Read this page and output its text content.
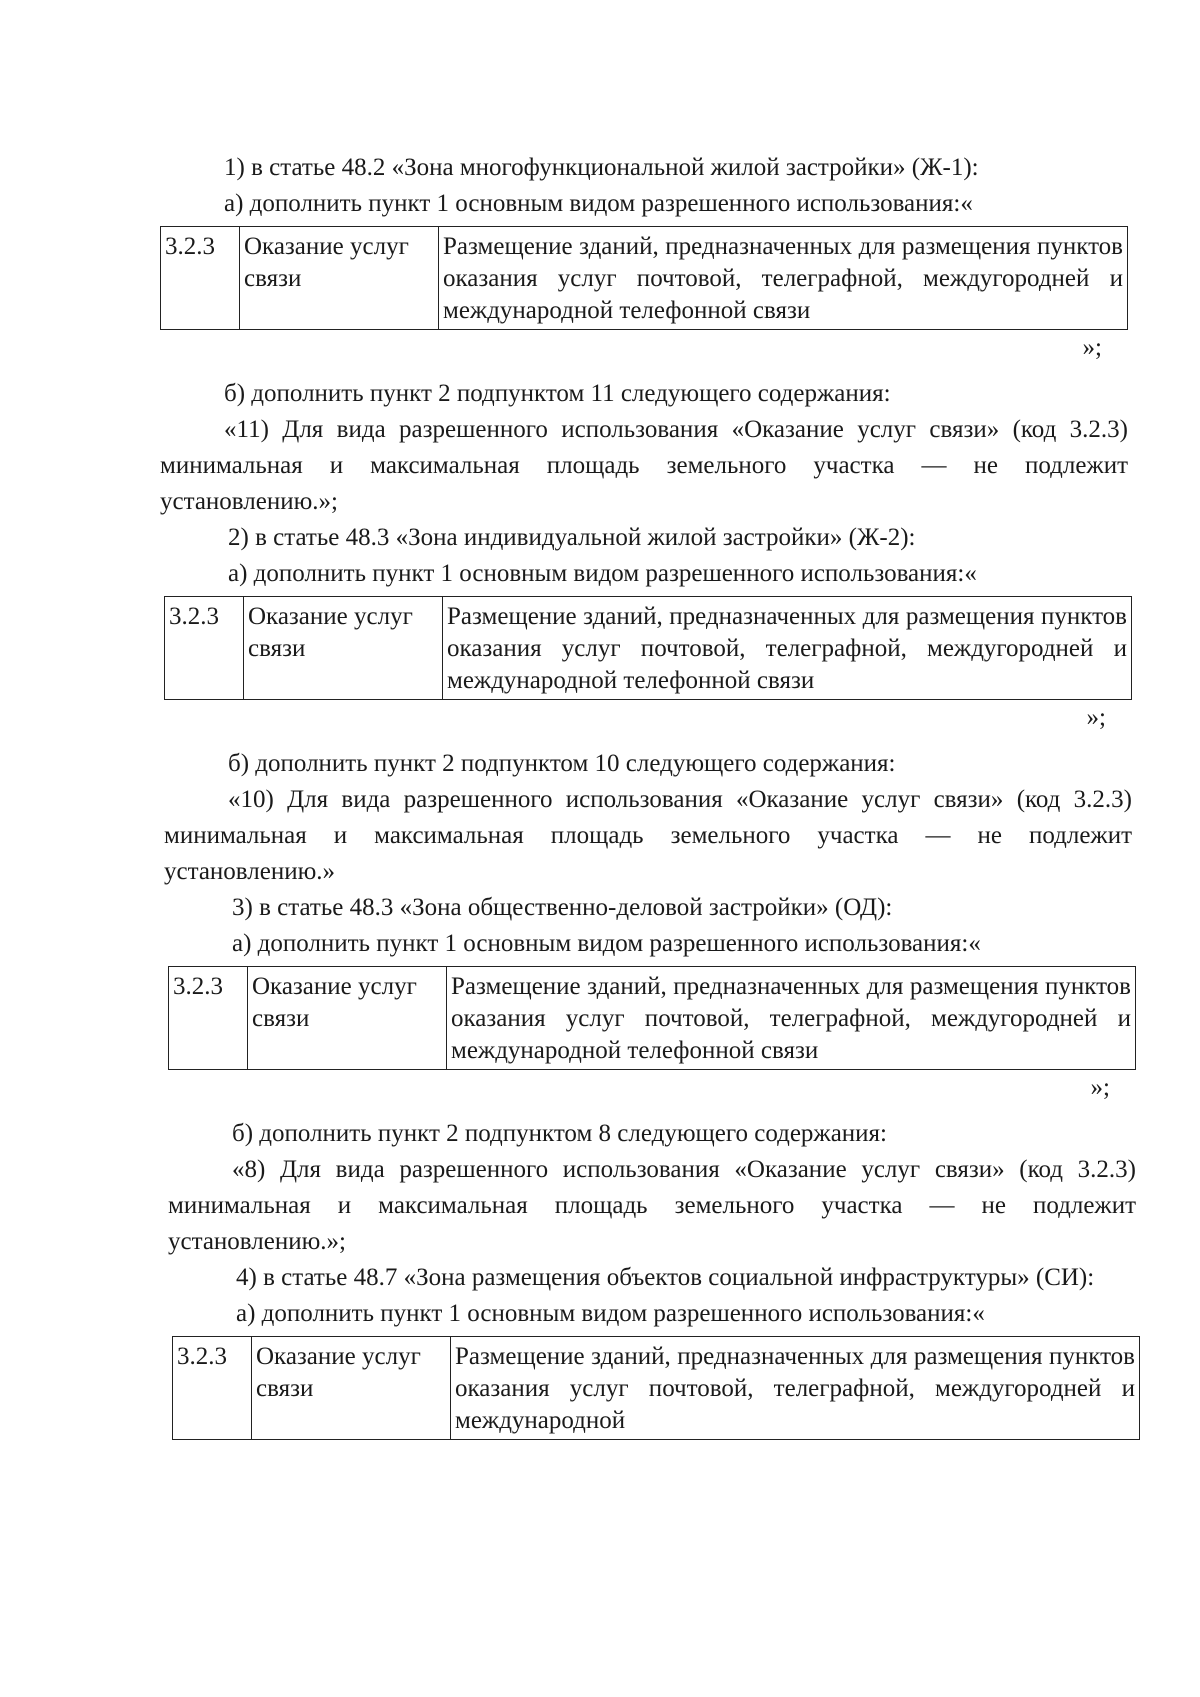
1) в статье 48.2 «Зона многофункциональной жилой застройки» (Ж-1):

а) дополнить пункт 1 основным видом разрешенного использования:«

3.2.3	Оказание услуг связи	Размещение зданий, предназначенных для размещения пунктов оказания услуг почтовой, телеграфной, междугородней и международной телефонной связи

»;

б) дополнить пункт 2 подпунктом 11 следующего содержания:

«11) Для вида разрешенного использования «Оказание услуг связи» (код 3.2.3) минимальная и максимальная площадь земельного участка — не подлежит установлению.»;

2) в статье 48.3 «Зона индивидуальной жилой застройки» (Ж-2):

а) дополнить пункт 1 основным видом разрешенного использования:«

3.2.3	Оказание услуг связи	Размещение зданий, предназначенных для размещения пунктов оказания услуг почтовой, телеграфной, междугородней и международной телефонной связи

»;

б) дополнить пункт 2 подпунктом 10 следующего содержания:

«10) Для вида разрешенного использования «Оказание услуг связи» (код 3.2.3) минимальная и максимальная площадь земельного участка — не подлежит установлению.»

3) в статье 48.3 «Зона общественно-деловой застройки» (ОД):

а) дополнить пункт 1 основным видом разрешенного использования:«

3.2.3	Оказание услуг связи	Размещение зданий, предназначенных для размещения пунктов оказания услуг почтовой, телеграфной, междугородней и международной телефонной связи

»;

б) дополнить пункт 2 подпунктом 8 следующего содержания:

«8) Для вида разрешенного использования «Оказание услуг связи» (код 3.2.3) минимальная и максимальная площадь земельного участка — не подлежит установлению.»;

4) в статье 48.7 «Зона размещения объектов социальной инфраструктуры» (СИ):

а) дополнить пункт 1 основным видом разрешенного использования:«

3.2.3	Оказание услуг связи	Размещение зданий, предназначенных для размещения пунктов оказания услуг почтовой, телеграфной, междугородней и международной
